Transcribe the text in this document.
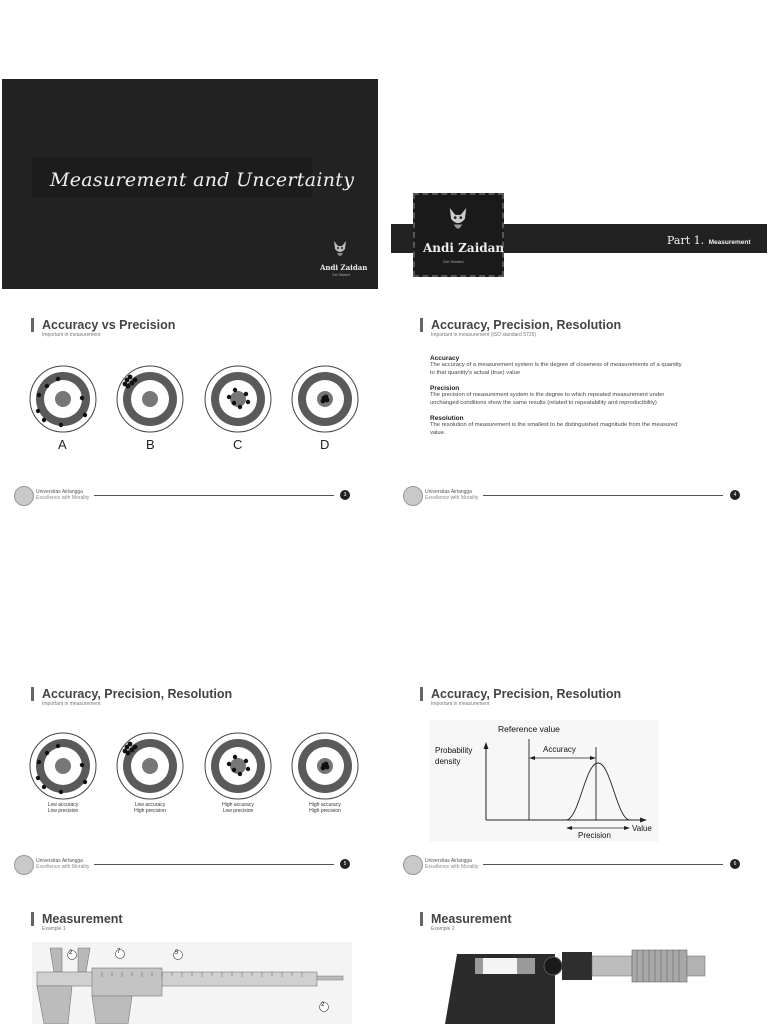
Measurement and Uncertainty
Andi Zaidan
Get Started
Andi Zaidan
Get Started
Part 1. Measurement
Accuracy vs Precision
Important in measurement
A	B	C	D
Universitas Airlangga
Excellence with Morality	3
Accuracy, Precision, Resolution
Important in measurement (ISO standard 5725)
Accuracy
The accuracy of a measurement system is the degree of closeness of measurements of a quantity to that quantity's actual (true) value
Precision
The precision of measurement system is the degree to which repeated measurement under unchanged conditions show the same results (related to repeatability and reproducibility)
Resolution
The resolution of measurement is the smallest to be distinguished magnitude from the measured value.
Universitas Airlangga
Excellence with Morality	4
Accuracy, Precision, Resolution
Important in measurement
Low accuracy
Low precision
Low accuracy
High precision
High accuracy
Low precision
High accuracy
High precision
Universitas Airlangga
Excellence with Morality	5
Accuracy, Precision, Resolution
Important in measurement
Reference value
Probability
density
Accuracy
Value
Precision
Universitas Airlangga
Excellence with Morality	6
Measurement
Example 1
2	7	5
2
Measurement
Example 2
